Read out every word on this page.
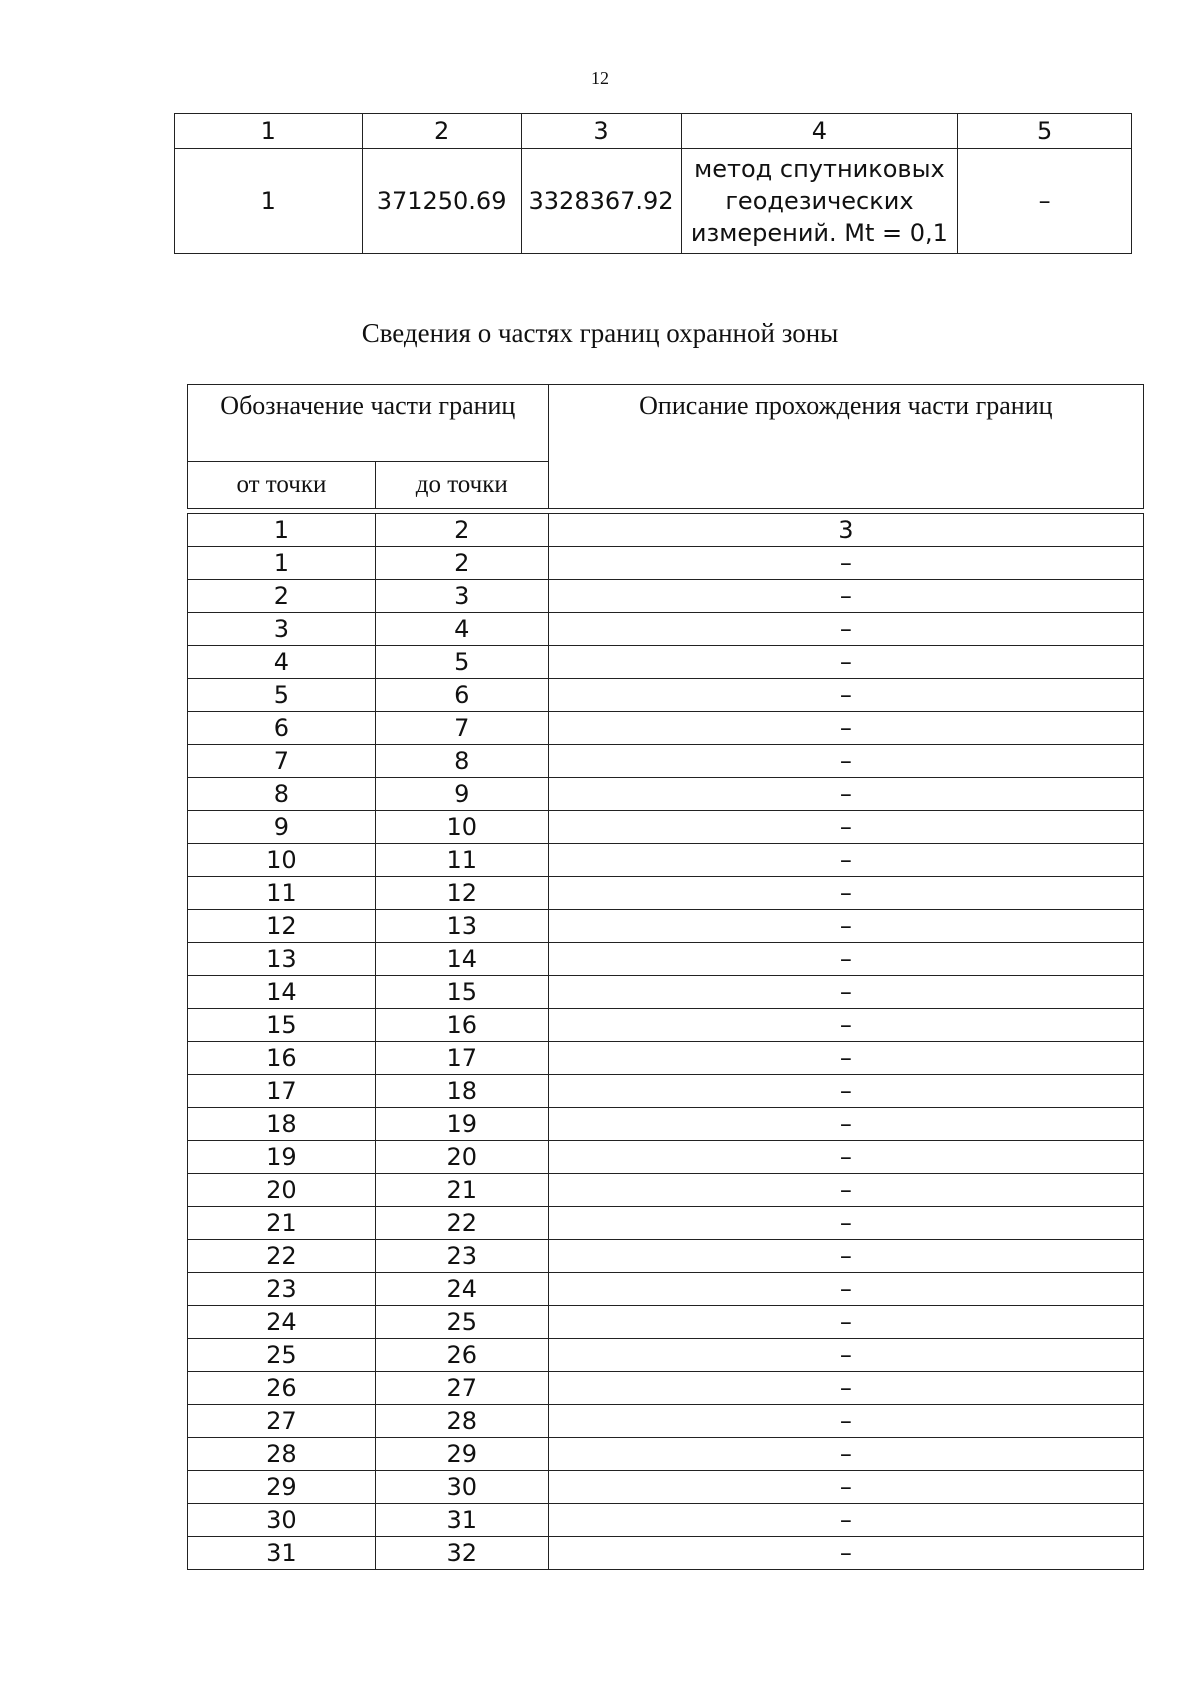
12
1	2	3	4	5
1	371250.69	3328367.92	метод спутниковых
геодезических
измерений. Mt = 0,1	–
Сведения о частях границ охранной зоны
Обозначение части границ		Описание прохождения части границ
от точки	до точки	

1	2	3
1	2	–
2	3	–
3	4	–
4	5	–
5	6	–
6	7	–
7	8	–
8	9	–
9	10	–
10	11	–
11	12	–
12	13	–
13	14	–
14	15	–
15	16	–
16	17	–
17	18	–
18	19	–
19	20	–
20	21	–
21	22	–
22	23	–
23	24	–
24	25	–
25	26	–
26	27	–
27	28	–
28	29	–
29	30	–
30	31	–
31	32	–
